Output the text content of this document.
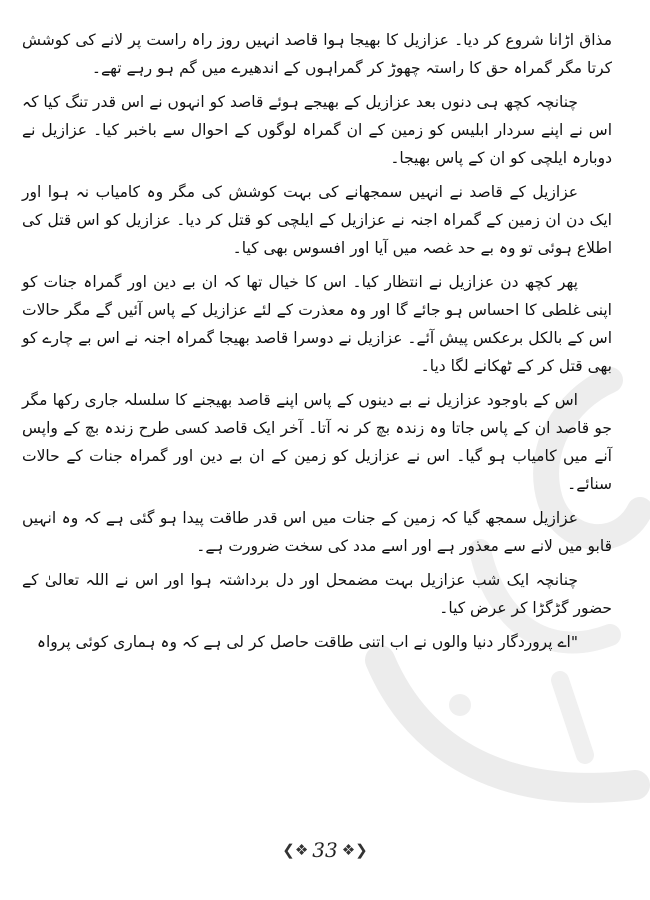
مذاق اڑانا شروع کر دیا۔ عزازیل کا بھیجا ہوا قاصد انہیں روز راہ راست پر لانے کی کوشش کرتا مگر گمراہ حق کا راستہ چھوڑ کر گمراہوں کے اندھیرے میں گم ہو رہے تھے۔

چنانچہ کچھ ہی دنوں بعد عزازیل کے بھیجے ہوئے قاصد کو انہوں نے اس قدر تنگ کیا کہ اس نے اپنے سردار ابلیس کو زمین کے ان گمراہ لوگوں کے احوال سے باخبر کیا۔ عزازیل نے دوبارہ ایلچی کو ان کے پاس بھیجا۔

عزازیل کے قاصد نے انہیں سمجھانے کی بہت کوشش کی مگر وہ کامیاب نہ ہوا اور ایک دن ان زمین کے گمراہ اجنہ نے عزازیل کے ایلچی کو قتل کر دیا۔ عزازیل کو اس قتل کی اطلاع ہوئی تو وہ بے حد غصہ میں آیا اور افسوس بھی کیا۔

پھر کچھ دن عزازیل نے انتظار کیا۔ اس کا خیال تھا کہ ان بے دین اور گمراہ جنات کو اپنی غلطی کا احساس ہو جائے گا اور وہ معذرت کے لئے عزازیل کے پاس آئیں گے مگر حالات اس کے بالکل برعکس پیش آئے۔ عزازیل نے دوسرا قاصد بھیجا گمراہ اجنہ نے اس بے چارے کو بھی قتل کر کے ٹھکانے لگا دیا۔

اس کے باوجود عزازیل نے بے دینوں کے پاس اپنے قاصد بھیجنے کا سلسلہ جاری رکھا مگر جو قاصد ان کے پاس جاتا وہ زندہ بچ کر نہ آتا۔ آخر ایک قاصد کسی طرح زندہ بچ کے واپس آنے میں کامیاب ہو گیا۔ اس نے عزازیل کو زمین کے ان بے دین اور گمراہ جنات کے حالات سنائے۔

عزازیل سمجھ گیا کہ زمین کے جنات میں اس قدر طاقت پیدا ہو گئی ہے کہ وہ انہیں قابو میں لانے سے معذور ہے اور اسے مدد کی سخت ضرورت ہے۔

چنانچہ ایک شب عزازیل بہت مضمحل اور دل برداشتہ ہوا اور اس نے اللہ تعالیٰ کے حضور گڑگڑا کر عرض کیا۔

"اے پروردگار دنیا والوں نے اب اتنی طاقت حاصل کر لی ہے کہ وہ ہماری کوئی پرواہ

❮❖ 33 ❖❯
